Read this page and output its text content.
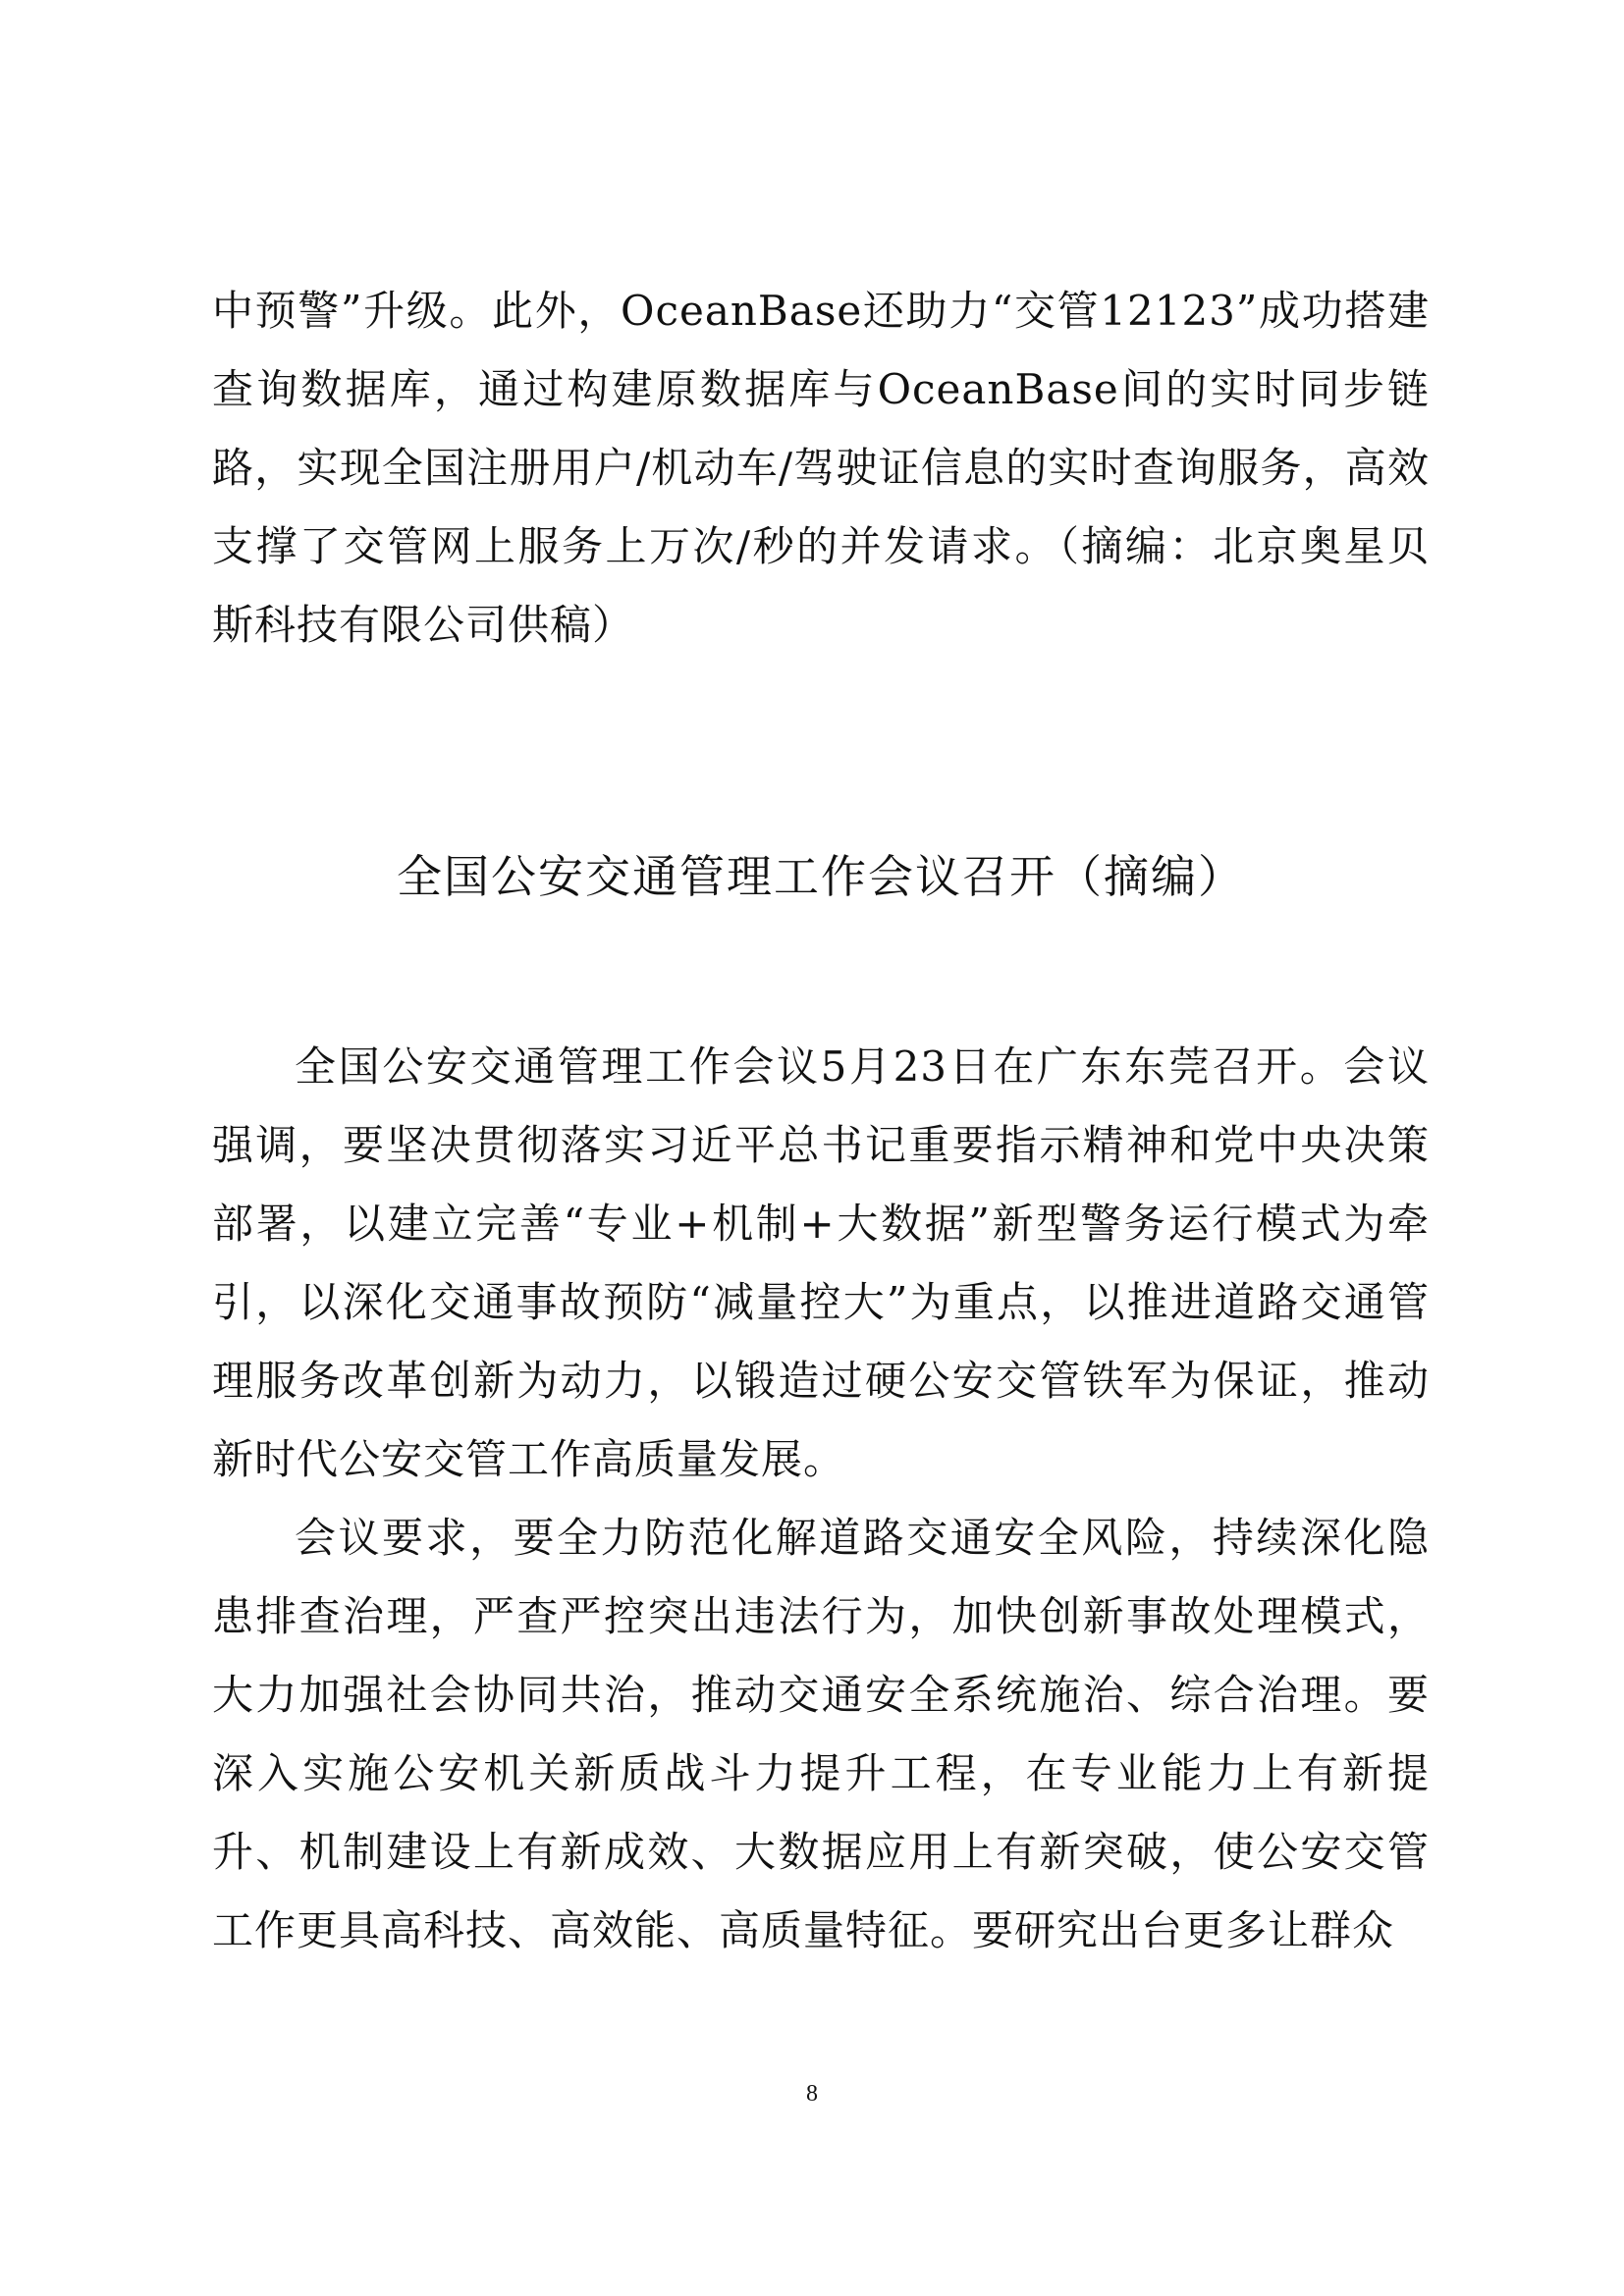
中预警”升级。此外，OceanBase还助力“交管12123”成功搭建查询数据库，通过构建原数据库与OceanBase间的实时同步链路，实现全国注册用户/机动车/驾驶证信息的实时查询服务，高效支撑了交管网上服务上万次/秒的并发请求。（摘编：北京奥星贝斯科技有限公司供稿）

全国公安交通管理工作会议召开（摘编）

全国公安交通管理工作会议5月23日在广东东莞召开。会议强调，要坚决贯彻落实习近平总书记重要指示精神和党中央决策部署，以建立完善“专业+机制+大数据”新型警务运行模式为牵引，以深化交通事故预防“减量控大”为重点，以推进道路交通管理服务改革创新为动力，以锻造过硬公安交管铁军为保证，推动新时代公安交管工作高质量发展。

会议要求，要全力防范化解道路交通安全风险，持续深化隐患排查治理，严查严控突出违法行为，加快创新事故处理模式，大力加强社会协同共治，推动交通安全系统施治、综合治理。要深入实施公安机关新质战斗力提升工程，在专业能力上有新提升、机制建设上有新成效、大数据应用上有新突破，使公安交管工作更具高科技、高效能、高质量特征。要研究出台更多让群众

8
